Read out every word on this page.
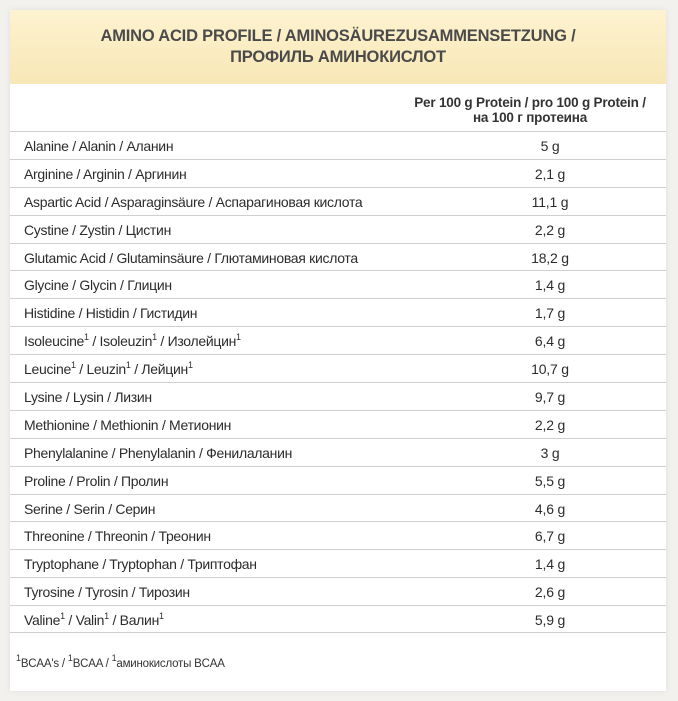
AMINO ACID PROFILE / AMINOSÄUREZUSAMMENSETZUNG /
ПРОФИЛЬ АМИНОКИСЛОТ
Per 100 g Protein / pro 100 g Protein /
на 100 г протеина
Alanine / Alanin / Аланин	5 g
Arginine / Arginin / Аргинин	2,1 g
Aspartic Acid / Asparaginsäure / Аспарагиновая кислота	11,1 g
Cystine / Zystin / Цистин	2,2 g
Glutamic Acid / Glutaminsäure / Глютаминовая кислота	18,2 g
Glycine / Glycin / Глицин	1,4 g
Histidine / Histidin / Гистидин	1,7 g
Isoleucine$^1$ / Isoleuzin$^1$ / Изолейцин$^1$	6,4 g
Leucine$^1$ / Leuzin$^1$ / Лейцин$^1$	10,7 g
Lysine / Lysin / Лизин	9,7 g
Methionine / Methionin / Метионин	2,2 g
Phenylalanine / Phenylalanin / Фенилаланин	3 g
Proline / Prolin / Пролин	5,5 g
Serine / Serin / Серин	4,6 g
Threonine / Threonin / Треонин	6,7 g
Tryptophane / Tryptophan / Триптофан	1,4 g
Tyrosine / Tyrosin / Тирозин	2,6 g
Valine$^1$ / Valin$^1$ / Валин$^1$	5,9 g
$^1$BCAA's / $^1$BCAA / $^1$аминокислоты BCAA
